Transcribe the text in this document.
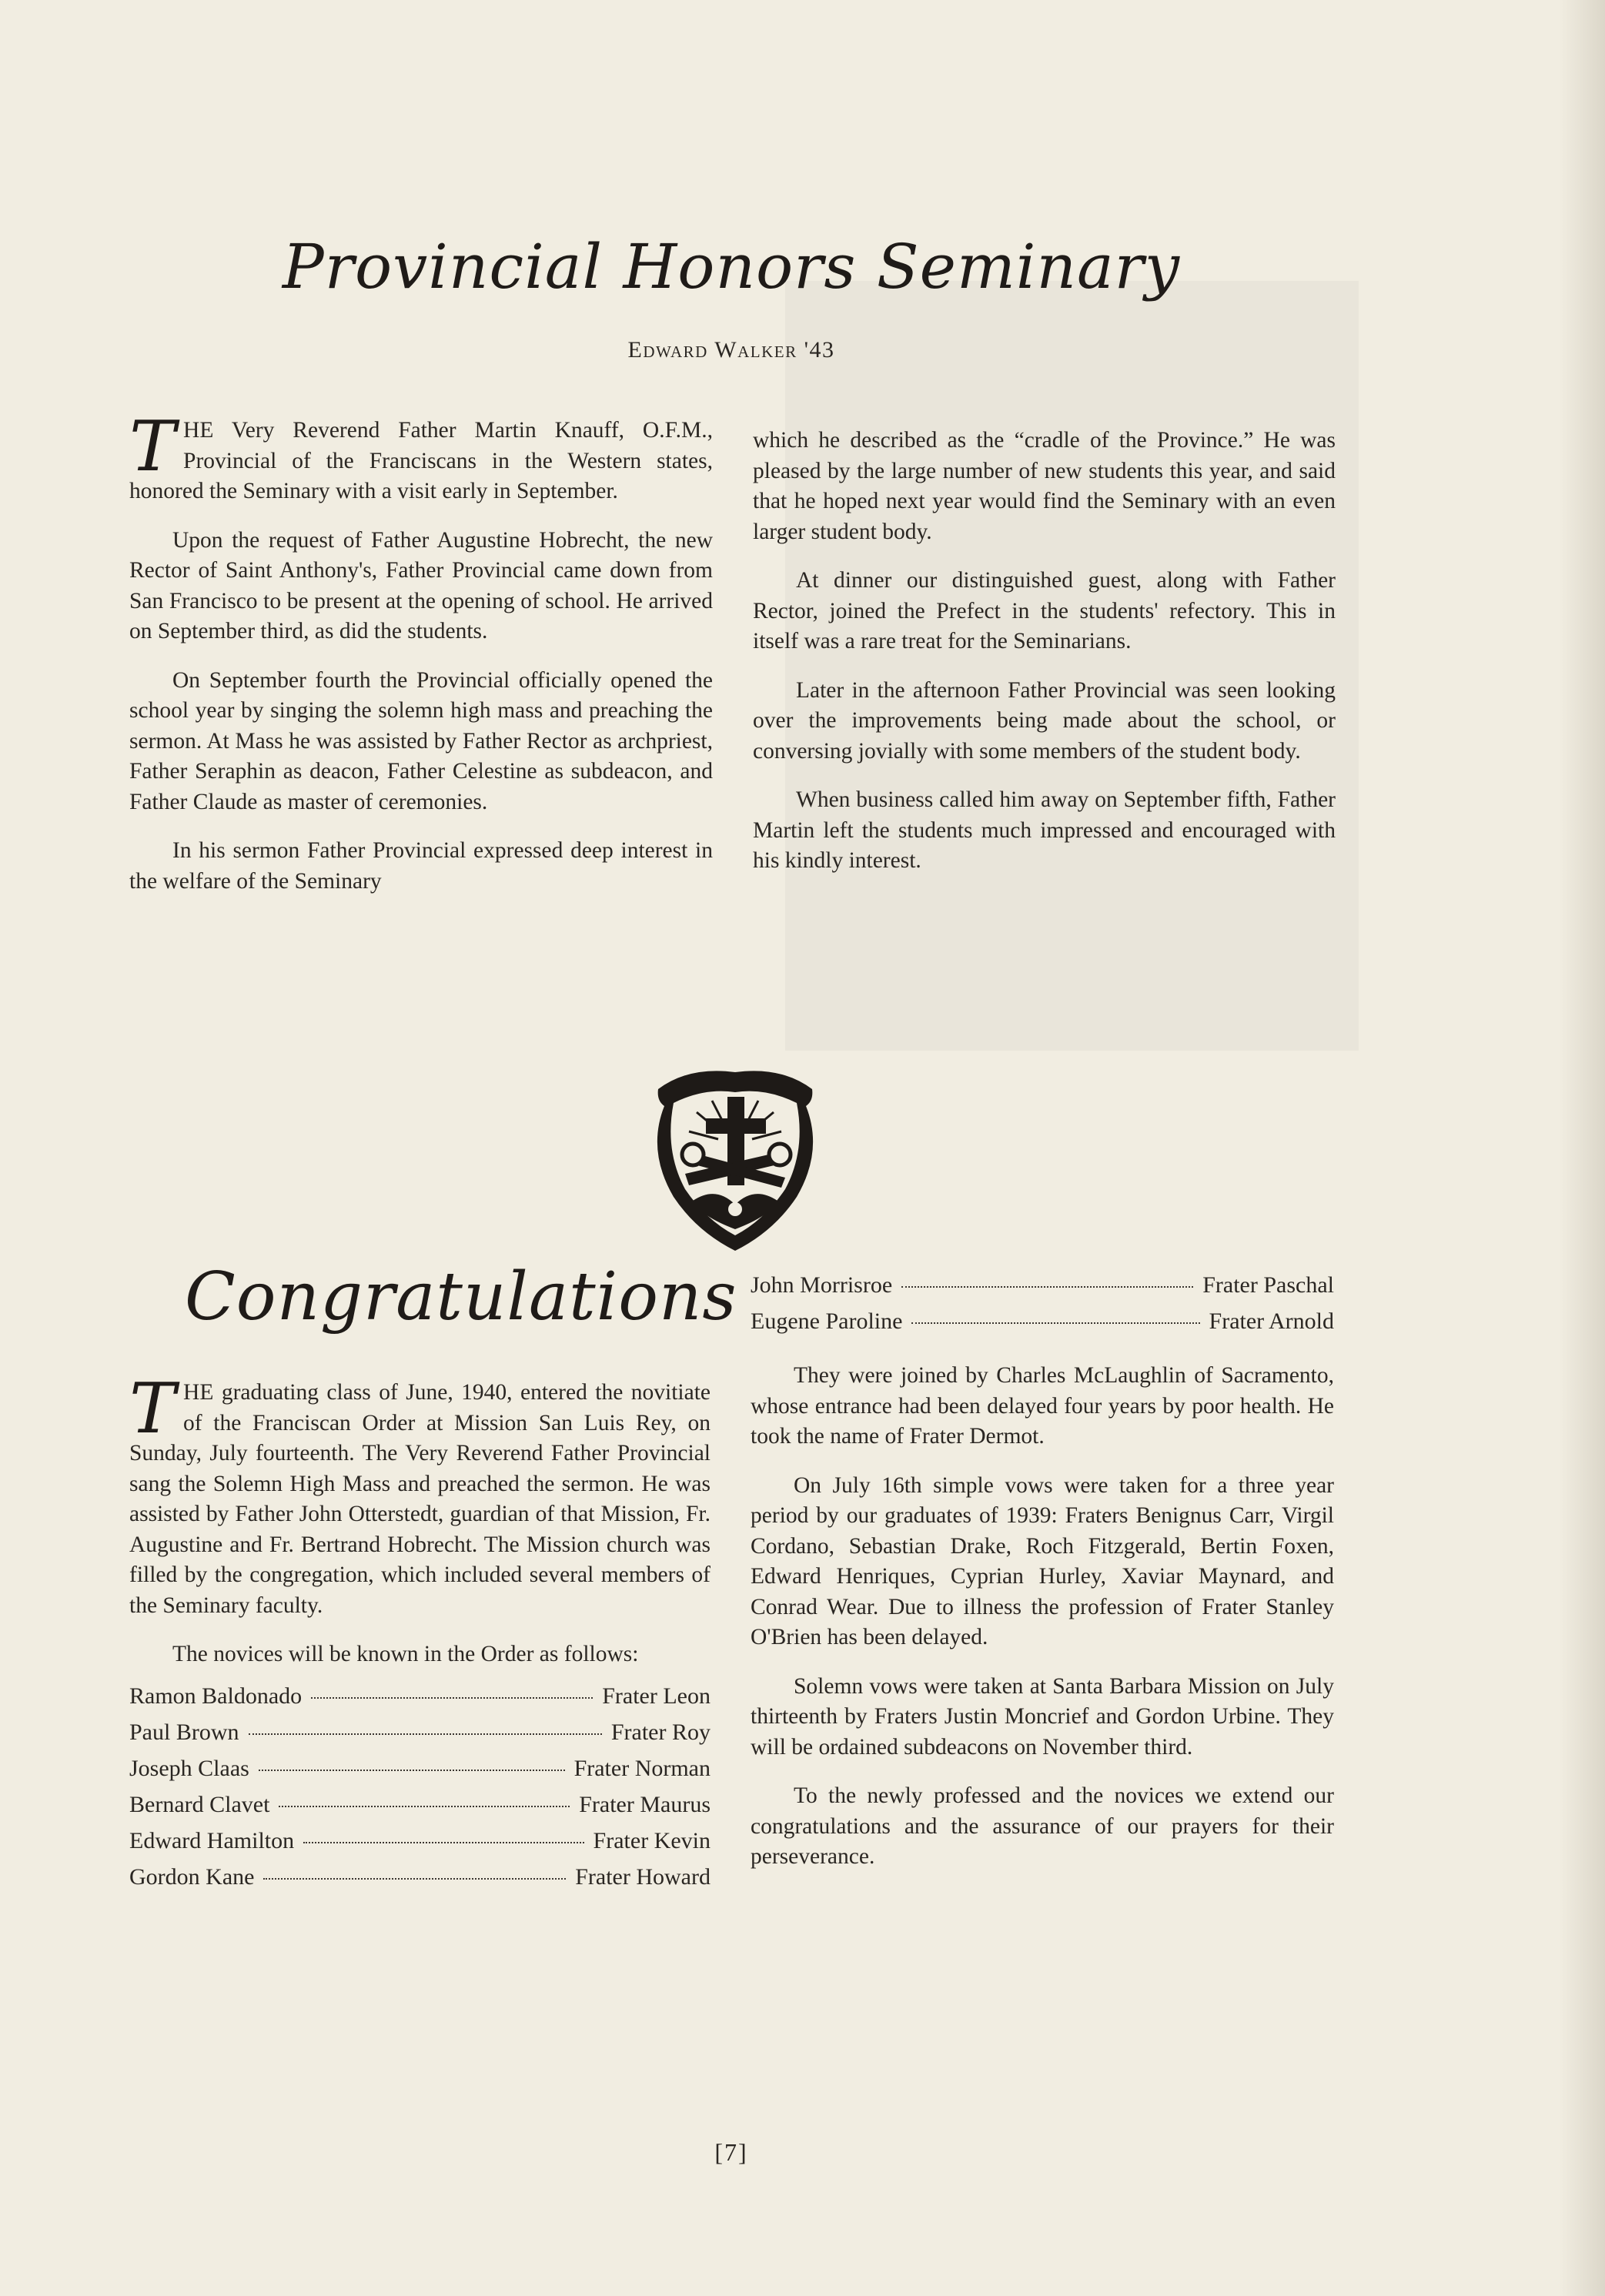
Provincial Honors Seminary
Edward Walker '43

THE Very Reverend Father Martin Knauff, O.F.M., Provincial of the Franciscans in the Western states, honored the Seminary with a visit early in September.

Upon the request of Father Augustine Hobrecht, the new Rector of Saint Anthony's, Father Provincial came down from San Francisco to be present at the opening of school. He arrived on September third, as did the students.

On September fourth the Provincial officially opened the school year by singing the solemn high mass and preaching the sermon. At Mass he was assisted by Father Rector as archpriest, Father Seraphin as deacon, Father Celestine as subdeacon, and Father Claude as master of ceremonies.

In his sermon Father Provincial expressed deep interest in the welfare of the Seminary

which he described as the “cradle of the Province.” He was pleased by the large number of new students this year, and said that he hoped next year would find the Seminary with an even larger student body.

At dinner our distinguished guest, along with Father Rector, joined the Prefect in the students' refectory. This in itself was a rare treat for the Seminarians.

Later in the afternoon Father Provincial was seen looking over the improvements being made about the school, or conversing jovially with some members of the student body.

When business called him away on September fifth, Father Martin left the students much impressed and encouraged with his kindly interest.

Congratulations

THE graduating class of June, 1940, entered the novitiate of the Franciscan Order at Mission San Luis Rey, on Sunday, July fourteenth. The Very Reverend Father Provincial sang the Solemn High Mass and preached the sermon. He was assisted by Father John Otterstedt, guardian of that Mission, Fr. Augustine and Fr. Bertrand Hobrecht. The Mission church was filled by the congregation, which included several members of the Seminary faculty.

The novices will be known in the Order as follows:

Ramon Baldonado	Frater Leon
Paul Brown	Frater Roy
Joseph Claas	Frater Norman
Bernard Clavet	Frater Maurus
Edward Hamilton	Frater Kevin
Gordon Kane	Frater Howard
John Morrisroe	Frater Paschal
Eugene Paroline	Frater Arnold

They were joined by Charles McLaughlin of Sacramento, whose entrance had been delayed four years by poor health. He took the name of Frater Dermot.

On July 16th simple vows were taken for a three year period by our graduates of 1939: Fraters Benignus Carr, Virgil Cordano, Sebastian Drake, Roch Fitzgerald, Bertin Foxen, Edward Henriques, Cyprian Hurley, Xaviar Maynard, and Conrad Wear. Due to illness the profession of Frater Stanley O'Brien has been delayed.

Solemn vows were taken at Santa Barbara Mission on July thirteenth by Fraters Justin Moncrief and Gordon Urbine. They will be ordained subdeacons on November third.

To the newly professed and the novices we extend our congratulations and the assurance of our prayers for their perseverance.

[7]
